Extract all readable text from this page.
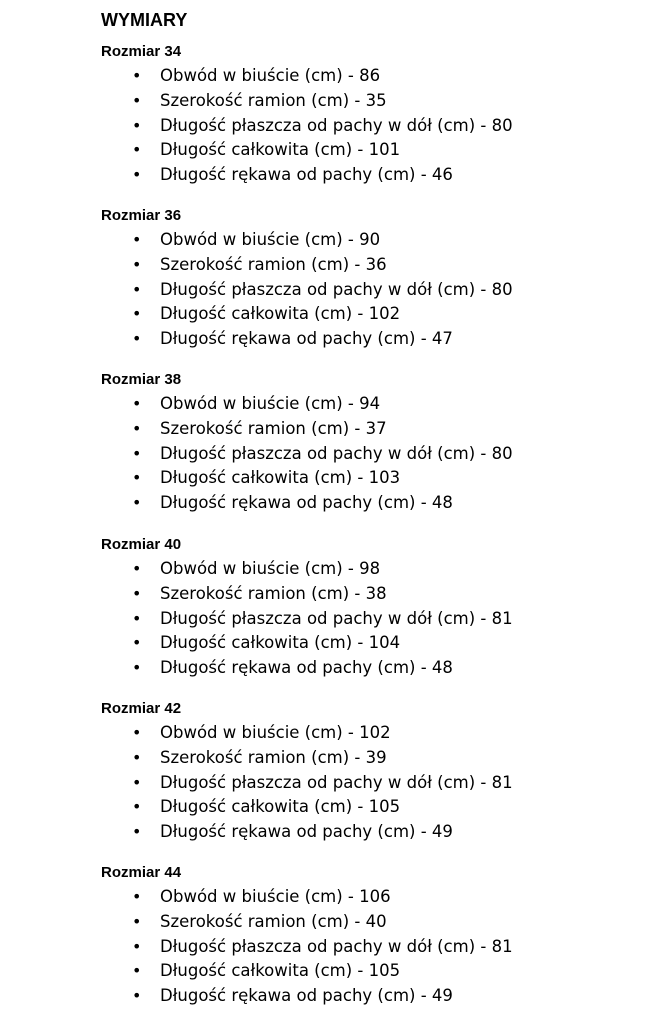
WYMIARY
Rozmiar 34
• Obwód w biuście (cm) - 86
• Szerokość ramion (cm) - 35
• Długość płaszcza od pachy w dół (cm) - 80
• Długość całkowita (cm) - 101
• Długość rękawa od pachy (cm) - 46
Rozmiar 36
• Obwód w biuście (cm) - 90
• Szerokość ramion (cm) - 36
• Długość płaszcza od pachy w dół (cm) - 80
• Długość całkowita (cm) - 102
• Długość rękawa od pachy (cm) - 47
Rozmiar 38
• Obwód w biuście (cm) - 94
• Szerokość ramion (cm) - 37
• Długość płaszcza od pachy w dół (cm) - 80
• Długość całkowita (cm) - 103
• Długość rękawa od pachy (cm) - 48
Rozmiar 40
• Obwód w biuście (cm) - 98
• Szerokość ramion (cm) - 38
• Długość płaszcza od pachy w dół (cm) - 81
• Długość całkowita (cm) - 104
• Długość rękawa od pachy (cm) - 48
Rozmiar 42
• Obwód w biuście (cm) - 102
• Szerokość ramion (cm) - 39
• Długość płaszcza od pachy w dół (cm) - 81
• Długość całkowita (cm) - 105
• Długość rękawa od pachy (cm) - 49
Rozmiar 44
• Obwód w biuście (cm) - 106
• Szerokość ramion (cm) - 40
• Długość płaszcza od pachy w dół (cm) - 81
• Długość całkowita (cm) - 105
• Długość rękawa od pachy (cm) - 49
